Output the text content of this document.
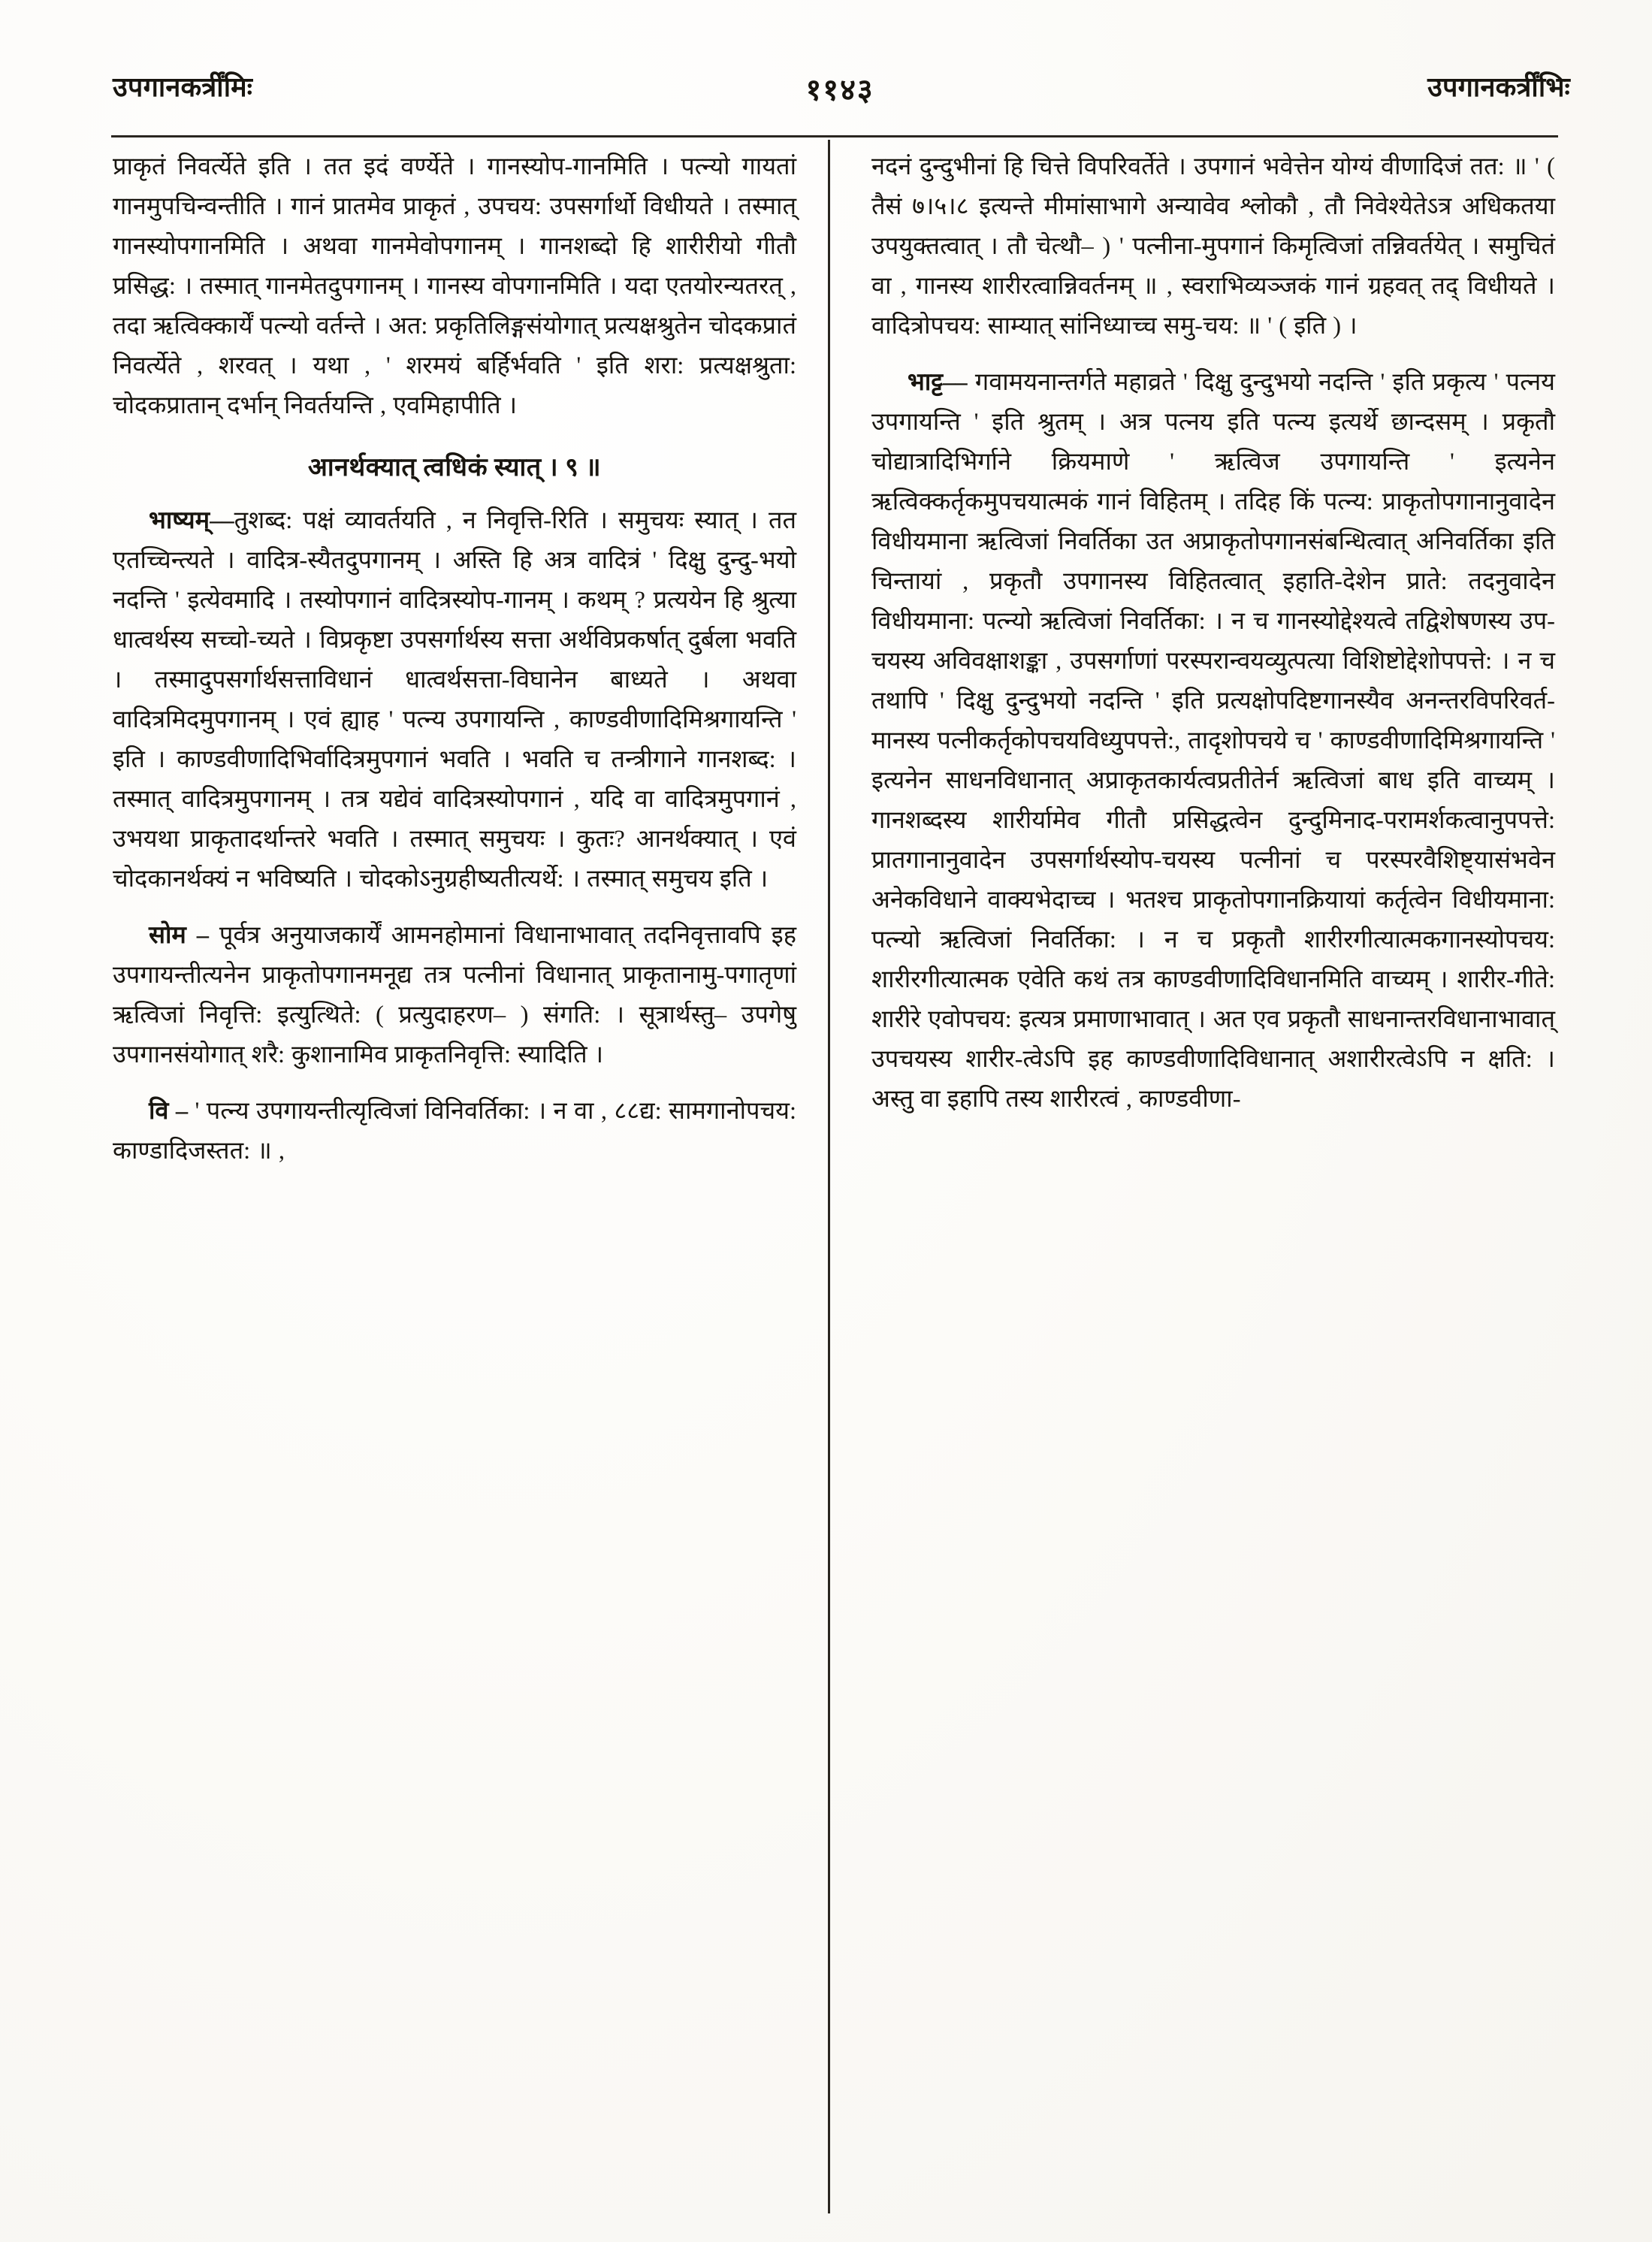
उपगानकर्त्रींमिः	११४३	उपगानकर्त्रींभिः

प्राकृतं निवर्त्येते इति । तत इदं वर्ण्येते । गानस्योप-गानमिति । पत्न्यो गायतां गानमुपचिन्वन्तीति । गानं प्रातमेव प्राकृतं , उपचय: उपसर्गार्थो विधीयते । तस्मात् गानस्योपगानमिति । अथवा गानमेवोपगानम् । गानशब्दो हि शारीरीयो गीतौ प्रसिद्ध: । तस्मात् गानमेतदुपगानम् । गानस्य वोपगानमिति । यदा एतयोरन्यतरत् , तदा ऋत्विक्कार्यें पत्न्यो वर्तन्ते । अत: प्रकृतिलिङ्गसंयोगात् प्रत्यक्षश्रुतेन चोदकप्रातं निवर्त्येते , शरवत् । यथा , ' शरमयं बर्हिर्भवति ' इति शरा: प्रत्यक्षश्रुता: चोदकप्रातान् दर्भान् निवर्तयन्ति , एवमिहापीति ।

आनर्थक्यात् त्वधिकं स्यात् । ९ ॥

भाष्यम्––तुशब्द: पक्षं व्यावर्तयति , न निवृत्ति-रिति । समुचयः स्यात् । तत एतच्चिन्त्यते । वादित्र-स्यैतदुपगानम् । अस्ति हि अत्र वादित्रं ' दिक्षु दुन्दु-भयो नदन्ति ' इत्येवमादि । तस्योपगानं वादित्रस्योप-गानम् । कथम् ? प्रत्ययेन हि श्रुत्या धात्वर्थस्य सच्चो-च्यते । विप्रकृष्टा उपसर्गार्थस्य सत्ता अर्थविप्रकर्षात् दुर्बला भवति । तस्मादुपसर्गार्थसत्ताविधानं धात्वर्थसत्ता-विघानेन बाध्यते । अथवा वादित्रमिदमुपगानम् । एवं ह्याह ' पत्न्य उपगायन्ति , काण्डवीणादिमिश्रगायन्ति ' इति । काण्डवीणादिभिर्वादित्रमुपगानं भवति । भवति च तन्त्रीगाने गानशब्द: । तस्मात् वादित्रमुपगानम् । तत्र यद्येवं वादित्रस्योपगानं , यदि वा वादित्रमुपगानं , उभयथा प्राकृतादर्थान्तरे भवति । तस्मात् समुचयः । कुतः? आनर्थक्यात् । एवं चोदकानर्थक्यं न भविष्यति । चोदकोऽनुग्रहीष्यतीत्यर्थे: । तस्मात् समुचय इति ।

सोम – पूर्वत्र अनुयाजकार्यें आमनहोमानां विधानाभावात् तदनिवृत्तावपि इह उपगायन्तीत्यनेन प्राकृतोपगानमनूद्य तत्र पत्नीनां विधानात् प्राकृतानामु-पगातृणां ऋत्विजां निवृत्ति: इत्युत्थिते: ( प्रत्युदाहरण– ) संगति: । सूत्रार्थस्तु– उपगेषु उपगानसंयोगात् शरै: कुशानामिव प्राकृतनिवृत्ति: स्यादिति ।

वि – ' पत्न्य उपगायन्तीत्यृत्विजां विनिवर्तिका: । न वा , ८८द्य: सामगानोपचय: काण्डादिजस्तत: ॥ ,

नदनं दुन्दुभीनां हि चित्ते विपरिवर्तेते । उपगानं भवेत्तेन योग्यं वीणादिजं तत: ॥ ' ( तैसं ७।५।८ इत्यन्ते मीमांसाभागे अन्यावेव श्लोकौ , तौ निवेश्येतेऽत्र अधिकतया उपयुक्तत्वात् । तौ चेत्थौ– ) ' पत्नीना-मुपगानं किमृत्विजां तन्निवर्तयेत् । समुचितं वा , गानस्य शारीरत्वान्निवर्तनम् ॥ , स्वराभिव्यञ्जकं गानं ग्रहवत् तद् विधीयते । वादित्रोपचय: साम्यात् सांनिध्याच्च समु-चय: ॥ ' ( इति ) ।

भाट्ट–– गवामयनान्तर्गते महाव्रते ' दिक्षु दुन्दुभयो नदन्ति ' इति प्रकृत्य ' पत्नय उपगायन्ति ' इति श्रुतम् । अत्र पत्नय इति पत्न्य इत्यर्थे छान्दसम् । प्रकृतौ चोद्यात्रादिभिर्गाने क्रियमाणे ' ऋत्विज उपगायन्ति ' इत्यनेन ऋत्विक्कर्तृकमुपचयात्मकं गानं विहितम् । तदिह किं पत्न्य: प्राकृतोपगानानुवादेन विधीयमाना ऋत्विजां निवर्तिका उत अप्राकृतोपगानसंबन्धित्वात् अनिवर्तिका इति चिन्तायां , प्रकृतौ उपगानस्य विहितत्वात् इहाति-देशेन प्राते: तदनुवादेन विधीयमाना: पत्न्यो ऋत्विजां निवर्तिका: । न च गानस्योद्देश्यत्वे तद्विशेषणस्य उप-चयस्य अविवक्षाशङ्का , उपसर्गाणां परस्परान्वयव्युत्पत्या विशिष्टोद्देशोपपत्ते: । न च तथापि ' दिक्षु दुन्दुभयो नदन्ति ' इति प्रत्यक्षोपदिष्टगानस्यैव अनन्तरविपरिवर्त-मानस्य पत्नीकर्तृकोपचयविध्युपपत्ते:, तादृशोपचये च ' काण्डवीणादिमिश्रगायन्ति ' इत्यनेन साधनविधानात् अप्राकृतकार्यत्वप्रतीतेर्न ऋत्विजां बाध इति वाच्यम् । गानशब्दस्य शारीर्यामेव गीतौ प्रसिद्धत्वेन दुन्दुमिनाद-परामर्शकत्वानुपपत्ते: प्रातगानानुवादेन उपसर्गार्थस्योप-चयस्य पत्नीनां च परस्परवैशिष्ट्यासंभवेन अनेकविधाने वाक्यभेदाच्च । भतश्च प्राकृतोपगानक्रियायां कर्तृत्वेन विधीयमाना: पत्न्यो ऋत्विजां निवर्तिका: । न च प्रकृतौ शारीरगीत्यात्मकगानस्योपचय: शारीरगीत्यात्मक एवेति कथं तत्र काण्डवीणादिविधानमिति वाच्यम् । शारीर-गीते: शारीरे एवोपचय: इत्यत्र प्रमाणाभावात् । अत एव प्रकृतौ साधनान्तरविधानाभावात् उपचयस्य शारीर-त्वेऽपि इह काण्डवीणादिविधानात् अशारीरत्वेऽपि न क्षति: । अस्तु वा इहापि तस्य शारीरत्वं , काण्डवीणा-
